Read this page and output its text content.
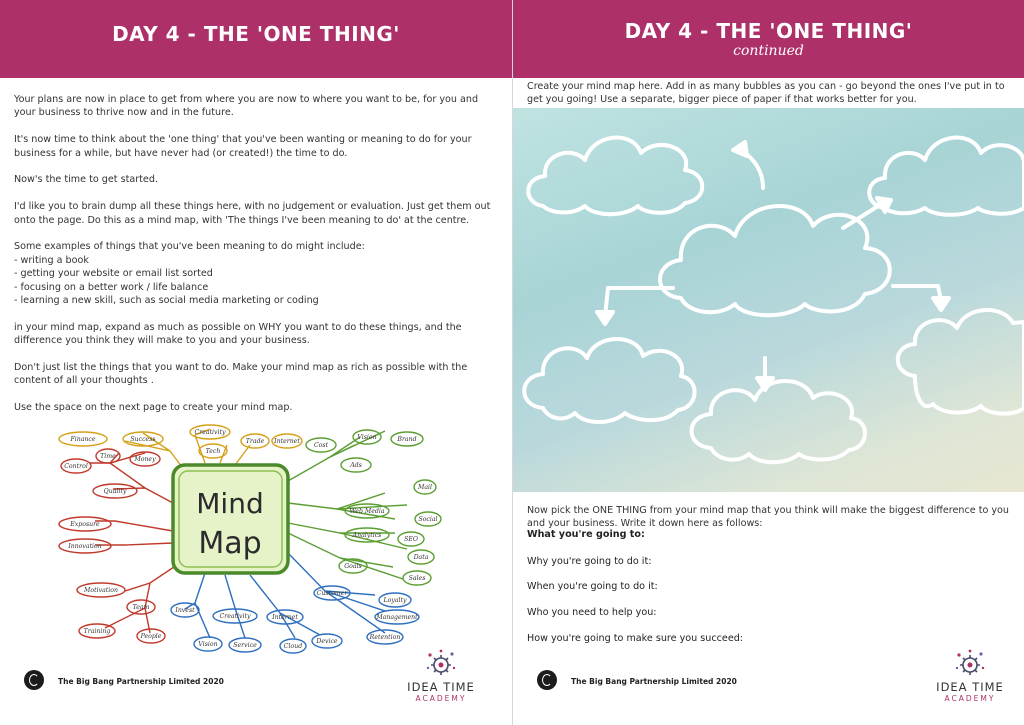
DAY 4 - THE 'ONE THING'

Your plans are now in place to get from where you are now to where you want to be, for you and your business to thrive now and in the future.

It's now time to think about the 'one thing' that you've been wanting or meaning to do for your business for a while, but have never had (or created!) the time to do.

Now's the time to get started.

I'd like you to brain dump all these things here, with no judgement or evaluation. Just get them out onto the page. Do this as a mind map, with 'The things I've been meaning to do' at the centre.

Some examples of things that you've been meaning to do might include:

- writing a book
- getting your website or email list sorted
- focusing on a better work / life balance
- learning a new skill, such as social media marketing or coding

in your mind map, expand as much as possible on WHY you want to do these things, and the difference you think they will make to you and your business.

Don't just list the things that you want to do. Make your mind map as rich as possible with the content of all your thoughts .

Use the space on the next page to create your mind map.

Mind
Map
Finance	Success
Creativity
Trade Internet
Cost
Vision	Brand
Control
Time	Money
Tech
Ads
Quality
Mail
Web Media
Social
Exposure
Analytics
SEO
Innovation
Data
Goals
Sales
Motivation	Customer
Loyalty
Team	Invest
Creativity	Internet	Management
Training
People
Vision	Service	Cloud
Device
Retention
The Big Bang Partnership Limited 2020	IDEA TIME
ACADEMY
DAY 4 - THE 'ONE THING'
continued
Create your mind map here. Add in as many bubbles as you can - go beyond the ones I've put in to get you going! Use a separate, bigger piece of paper if that works better for you.
Now pick the ONE THING from your mind map that you think will make the biggest difference to you and your business. Write it down here as follows:
What you're going to:
Why you're going to do it:
When you're going to do it:
Who you need to help you:
How you're going to make sure you succeed:
The Big Bang Partnership Limited 2020	IDEA TIME
ACADEMY
